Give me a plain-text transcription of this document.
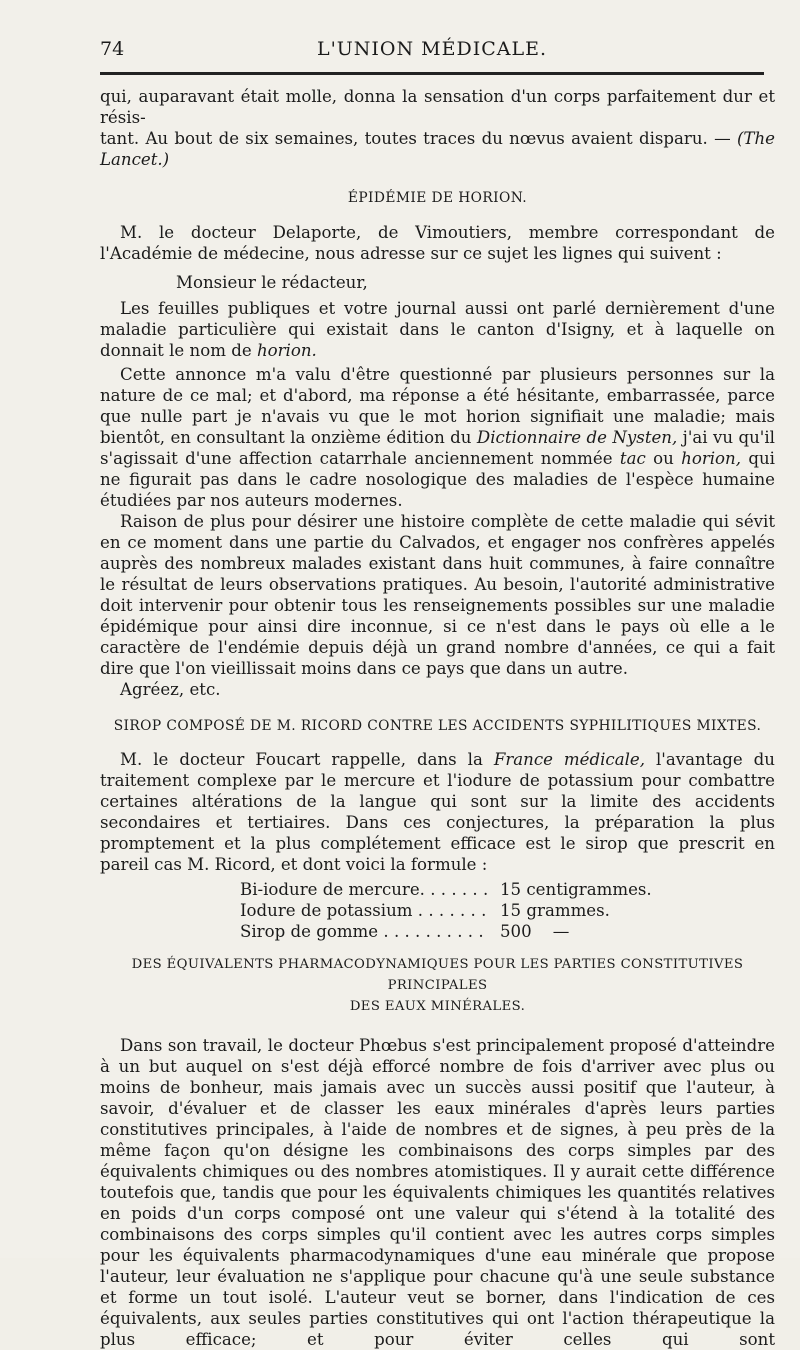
74	L'UNION MÉDICALE.

qui, auparavant était molle, donna la sensation d'un corps parfaitement dur et résis-

tant. Au bout de six semaines, toutes traces du nœvus avaient disparu. — (The Lancet.)

ÉPIDÉMIE DE HORION.

M. le docteur Delaporte, de Vimoutiers, membre correspondant de l'Académie de médecine, nous adresse sur ce sujet les lignes qui suivent :

Monsieur le rédacteur,

Les feuilles publiques et votre journal aussi ont parlé dernièrement d'une maladie particulière qui existait dans le canton d'Isigny, et à laquelle on donnait le nom de horion.

Cette annonce m'a valu d'être questionné par plusieurs personnes sur la nature de ce mal; et d'abord, ma réponse a été hésitante, embarrassée, parce que nulle part je n'avais vu que le mot horion signifiait une maladie; mais bientôt, en consultant la onzième édition du Dictionnaire de Nysten, j'ai vu qu'il s'agissait d'une affection catarrhale anciennement nommée tac ou horion, qui ne figurait pas dans le cadre nosologique des maladies de l'espèce humaine étudiées par nos auteurs modernes.

Raison de plus pour désirer une histoire complète de cette maladie qui sévit en ce moment dans une partie du Calvados, et engager nos confrères appelés auprès des nombreux malades existant dans huit communes, à faire connaître le résultat de leurs observations pratiques. Au besoin, l'autorité administrative doit intervenir pour obtenir tous les renseignements possibles sur une maladie épidémique pour ainsi dire inconnue, si ce n'est dans le pays où elle a le caractère de l'endémie depuis déjà un grand nombre d'années, ce qui a fait dire que l'on vieillissait moins dans ce pays que dans un autre.

Agréez, etc.

SIROP COMPOSÉ DE M. RICORD CONTRE LES ACCIDENTS SYPHILITIQUES MIXTES.

M. le docteur Foucart rappelle, dans la France médicale, l'avantage du traitement complexe par le mercure et l'iodure de potassium pour combattre certaines altérations de la langue qui sont sur la limite des accidents secondaires et tertiaires. Dans ces conjectures, la préparation la plus promptement et la plus complétement efficace est le sirop que prescrit en pareil cas M. Ricord, et dont voici la formule :

Bi-iodure de mercure. . . . . . . 15 centigrammes.
Iodure de potassium . . . . . . . 15 grammes.
Sirop de gomme . . . . . . . . . . 500    —

DES ÉQUIVALENTS PHARMACODYNAMIQUES POUR LES PARTIES CONSTITUTIVES PRINCIPALES

DES EAUX MINÉRALES.

Dans son travail, le docteur Phœbus s'est principalement proposé d'atteindre à un but auquel on s'est déjà efforcé nombre de fois d'arriver avec plus ou moins de bonheur, mais jamais avec un succès aussi positif que l'auteur, à savoir, d'évaluer et de classer les eaux minérales d'après leurs parties constitutives principales, à l'aide de nombres et de signes, à peu près de la même façon qu'on désigne les combinaisons des corps simples par des équivalents chimiques ou des nombres atomistiques. Il y aurait cette différence toutefois que, tandis que pour les équivalents chimiques les quantités relatives en poids d'un corps composé ont une valeur qui s'étend à la totalité des combinaisons des corps simples qu'il contient avec les autres corps simples pour les équivalents pharmacodynamiques d'une eau minérale que propose l'auteur, leur évaluation ne s'applique pour chacune qu'à une seule substance et forme un tout isolé. L'auteur veut se borner, dans l'indication de ces équivalents, aux seules parties constitutives qui ont l'action thérapeutique la plus efficace; et pour éviter celles qui sont
